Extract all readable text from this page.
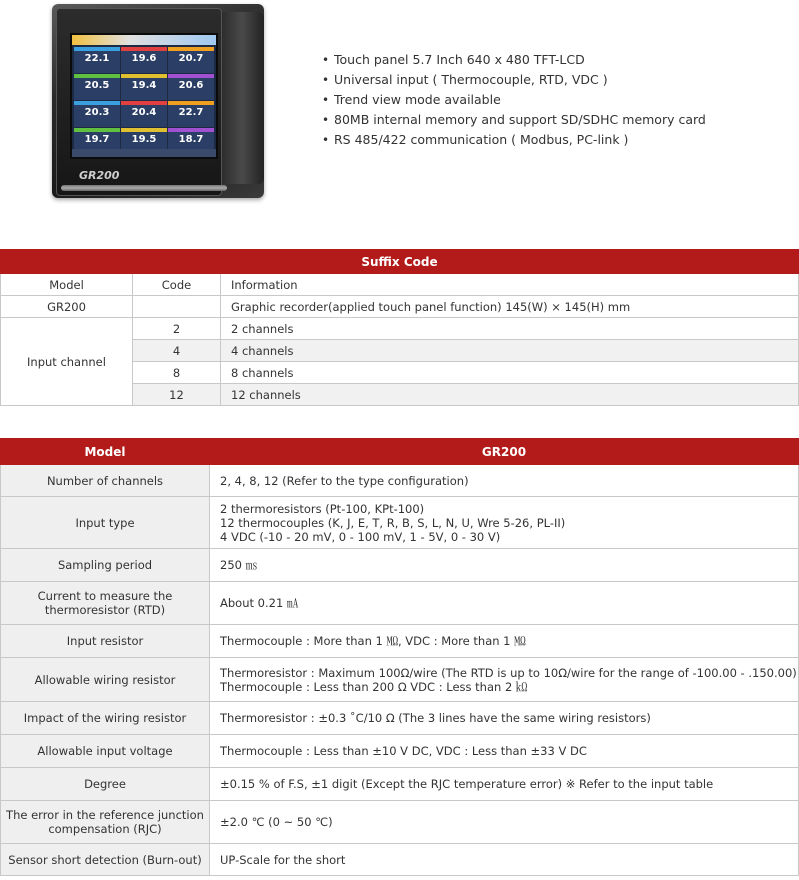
22.1	19.6	20.7
20.5	19.4	20.6
20.3	20.4	22.7
19.7	19.5	18.7
GR200
• Touch panel 5.7 Inch 640 x 480 TFT-LCD
• Universal input ( Thermocouple, RTD, VDC )
• Trend view mode available
• 80MB internal memory and support SD/SDHC memory card
• RS 485/422 communication ( Modbus, PC-link )
Suffix Code		
Model	Code	Information
GR200		Graphic recorder(applied touch panel function) 145(W) × 145(H) mm
Input channel	2	2 channels
	4	4 channels
	8	8 channels
	12	12 channels
Model	GR200
Number of channels	2, 4, 8, 12 (Refer to the type configuration)

Input type	2 thermoresistors (Pt-100, KPt-100)
12 thermocouples (K, J, E, T, R, B, S, L, N, U, Wre 5-26, PL-II)
4 VDC (-10 - 20 mV, 0 - 100 mV, 1 - 5V, 0 - 30 V)

Sampling period	250 ㎳

Current to measure the thermoresistor (RTD)	About 0.21 ㎃

Input resistor	Thermocouple : More than 1 ㏁, VDC : More than 1 ㏁

Allowable wiring resistor	Thermoresistor : Maximum 100Ω/wire (The RTD is up to 10Ω/wire for the range of -100.00 - .150.00)
Thermocouple : Less than 200 Ω VDC : Less than 2 ㏀

Impact of the wiring resistor	Thermoresistor : ±0.3 ˚C/10 Ω (The 3 lines have the same wiring resistors)

Allowable input voltage	Thermocouple : Less than ±10 V DC, VDC : Less than ±33 V DC

Degree	±0.15 % of F.S, ±1 digit (Except the RJC temperature error) ※ Refer to the input table

The error in the reference junction compensation (RJC)	±2.0 ℃ (0 ~ 50 ℃)

Sensor short detection (Burn-out)	UP-Scale for the short
